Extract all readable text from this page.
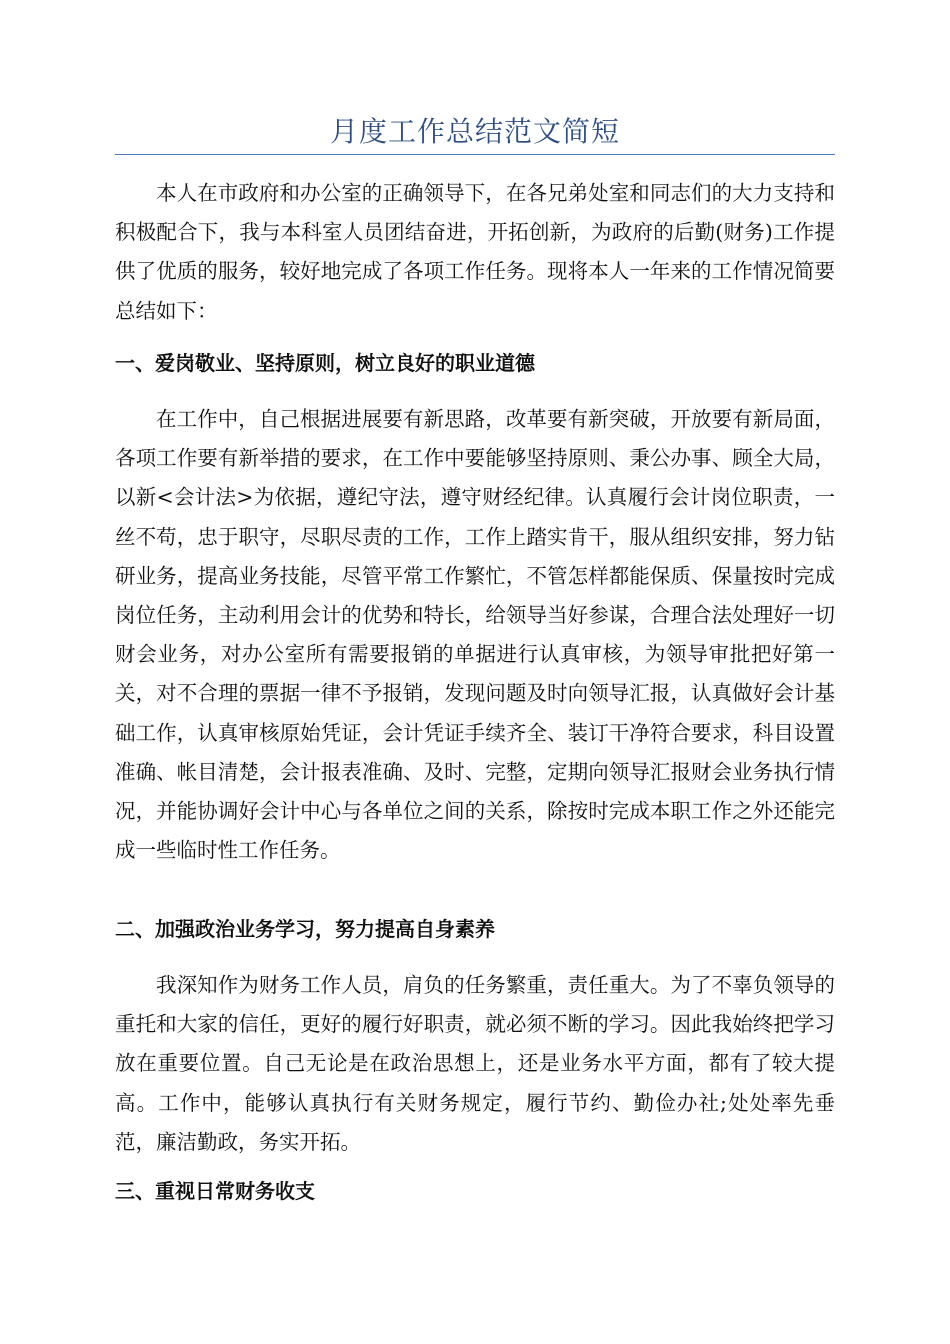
月度工作总结范文简短

本人在市政府和办公室的正确领导下，在各兄弟处室和同志们的大力支持和积极配合下，我与本科室人员团结奋进，开拓创新，为政府的后勤(财务)工作提供了优质的服务，较好地完成了各项工作任务。现将本人一年来的工作情况简要总结如下：

一、爱岗敬业、坚持原则，树立良好的职业道德

在工作中，自己根据进展要有新思路，改革要有新突破，开放要有新局面，各项工作要有新举措的要求，在工作中要能够坚持原则、秉公办事、顾全大局，以新<会计法>为依据，遵纪守法，遵守财经纪律。认真履行会计岗位职责，一丝不苟，忠于职守，尽职尽责的工作，工作上踏实肯干，服从组织安排，努力钻研业务，提高业务技能，尽管平常工作繁忙，不管怎样都能保质、保量按时完成岗位任务，主动利用会计的优势和特长，给领导当好参谋，合理合法处理好一切财会业务，对办公室所有需要报销的单据进行认真审核，为领导审批把好第一关，对不合理的票据一律不予报销，发现问题及时向领导汇报，认真做好会计基础工作，认真审核原始凭证，会计凭证手续齐全、装订干净符合要求，科目设置准确、帐目清楚，会计报表准确、及时、完整，定期向领导汇报财会业务执行情况，并能协调好会计中心与各单位之间的关系，除按时完成本职工作之外还能完成一些临时性工作任务。

二、加强政治业务学习，努力提高自身素养

我深知作为财务工作人员，肩负的任务繁重，责任重大。为了不辜负领导的重托和大家的信任，更好的履行好职责，就必须不断的学习。因此我始终把学习放在重要位置。自己无论是在政治思想上，还是业务水平方面，都有了较大提高。工作中，能够认真执行有关财务规定，履行节约、勤俭办社;处处率先垂范，廉洁勤政，务实开拓。

三、重视日常财务收支
